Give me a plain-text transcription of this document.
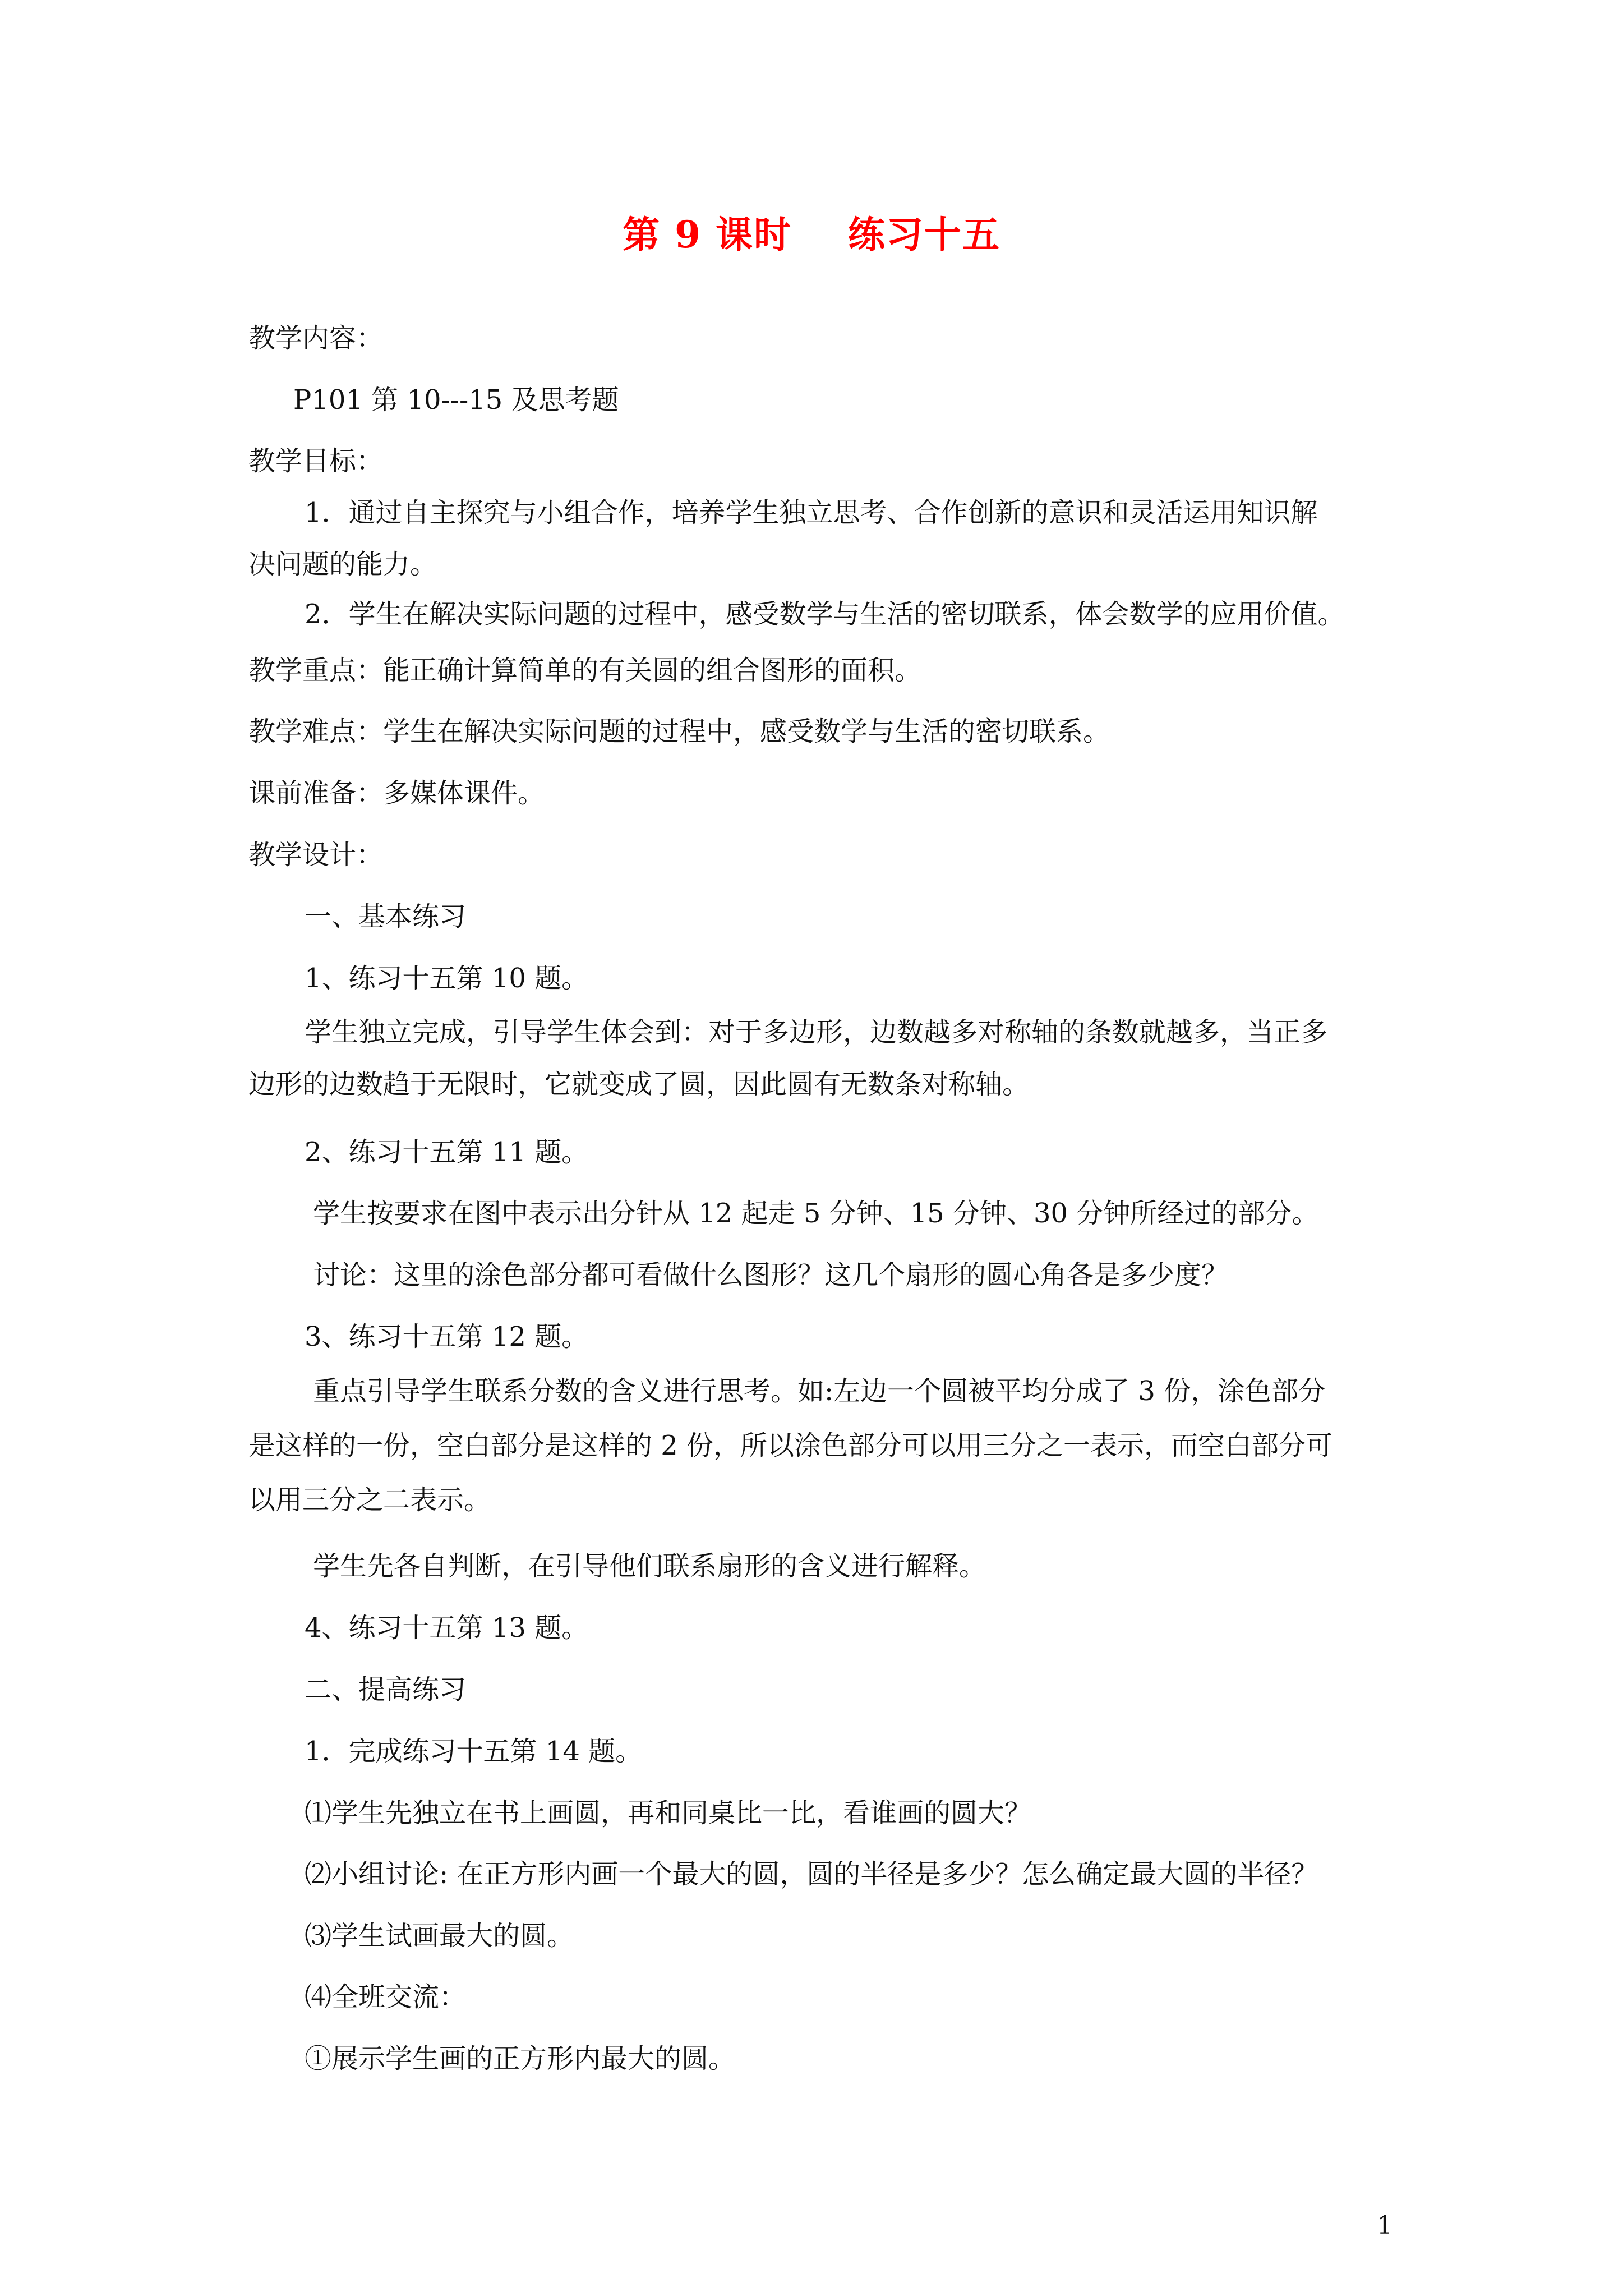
第 9 课时    练习十五
教学内容：
P101 第 10---15 及思考题
教学目标：
1．通过自主探究与小组合作，培养学生独立思考、合作创新的意识和灵活运用知识解
决问题的能力。
2．学生在解决实际问题的过程中，感受数学与生活的密切联系，体会数学的应用价值。
教学重点：能正确计算简单的有关圆的组合图形的面积。
教学难点：学生在解决实际问题的过程中，感受数学与生活的密切联系。
课前准备：多媒体课件。
教学设计：
一、基本练习
1、练习十五第 10 题。
学生独立完成，引导学生体会到：对于多边形，边数越多对称轴的条数就越多，当正多
边形的边数趋于无限时，它就变成了圆，因此圆有无数条对称轴。
2、练习十五第 11 题。
学生按要求在图中表示出分针从 12 起走 5 分钟、15 分钟、30 分钟所经过的部分。
讨论：这里的涂色部分都可看做什么图形？这几个扇形的圆心角各是多少度？
3、练习十五第 12 题。
重点引导学生联系分数的含义进行思考。如:左边一个圆被平均分成了 3 份，涂色部分
是这样的一份，空白部分是这样的 2 份，所以涂色部分可以用三分之一表示，而空白部分可
以用三分之二表示。
学生先各自判断，在引导他们联系扇形的含义进行解释。
4、练习十五第 13 题。
二、提高练习
1．完成练习十五第 14 题。
⑴学生先独立在书上画圆，再和同桌比一比，看谁画的圆大？
⑵小组讨论: 在正方形内画一个最大的圆，圆的半径是多少？怎么确定最大圆的半径？
⑶学生试画最大的圆。
⑷全班交流：
①展示学生画的正方形内最大的圆。
1
